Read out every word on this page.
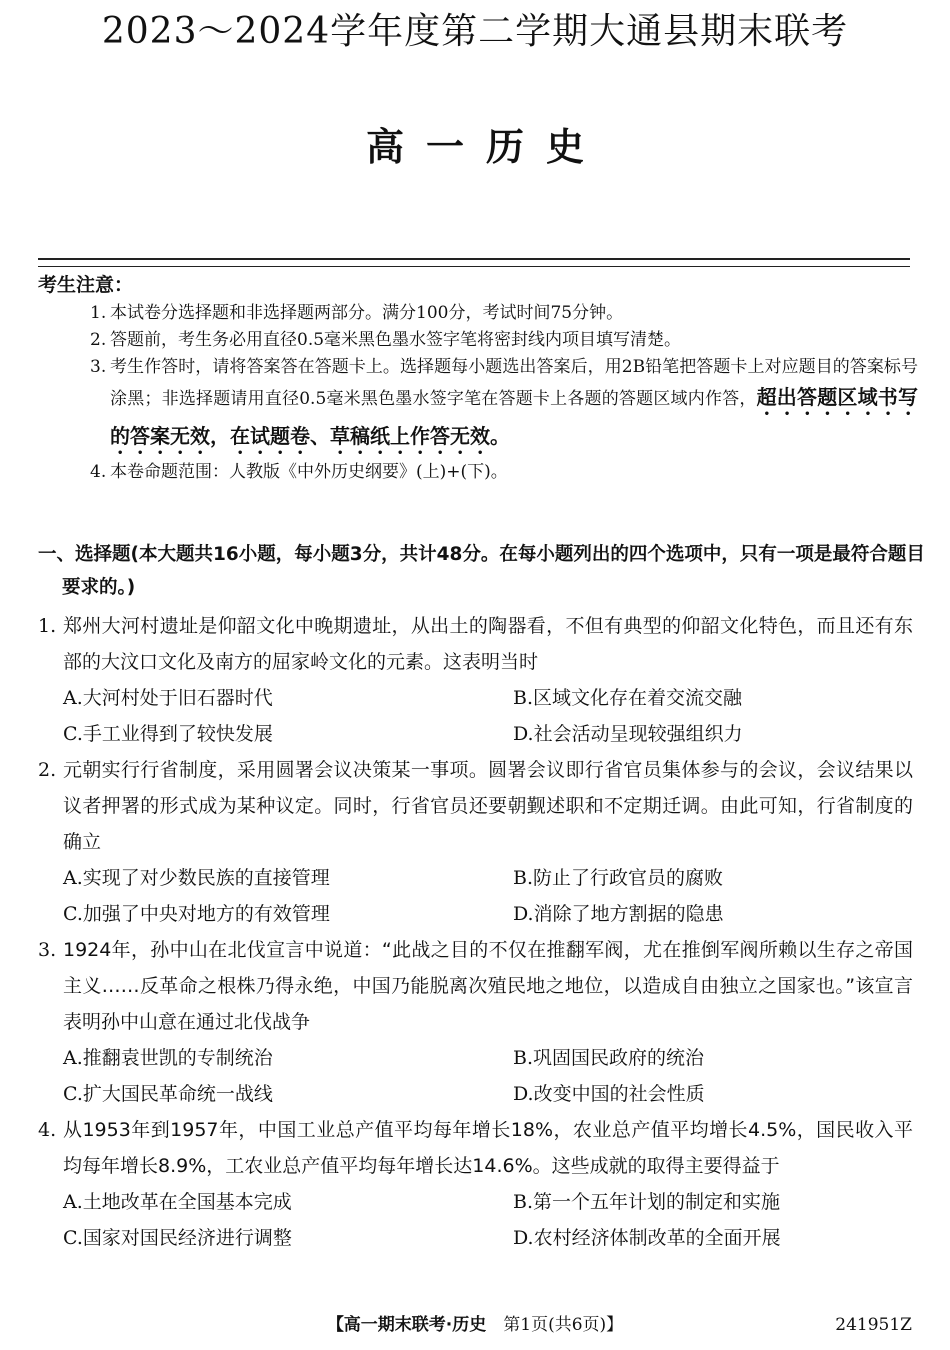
2023～2024学年度第二学期大通县期末联考
高一历史
考生注意：
1. 本试卷分选择题和非选择题两部分。满分100分，考试时间75分钟。
2. 答题前，考生务必用直径0.5毫米黑色墨水签字笔将密封线内项目填写清楚。
3. 考生作答时，请将答案答在答题卡上。选择题每小题选出答案后，用2B铅笔把答题卡上对应题目的答案标号涂黑；非选择题请用直径0.5毫米黑色墨水签字笔在答题卡上各题的答题区域内作答，超出答题区域书写的答案无效，在试题卷、草稿纸上作答无效。
4. 本卷命题范围：人教版《中外历史纲要》(上)+(下)。
一、选择题(本大题共16小题，每小题3分，共计48分。在每小题列出的四个选项中，只有一项是最符合题目要求的。)
1. 郑州大河村遗址是仰韶文化中晚期遗址，从出土的陶器看，不但有典型的仰韶文化特色，而且还有东部的大汶口文化及南方的屈家岭文化的元素。这表明当时
A.大河村处于旧石器时代	B.区域文化存在着交流交融
C.手工业得到了较快发展	D.社会活动呈现较强组织力
2. 元朝实行行省制度，采用圆署会议决策某一事项。圆署会议即行省官员集体参与的会议，会议结果以议者押署的形式成为某种议定。同时，行省官员还要朝觐述职和不定期迁调。由此可知，行省制度的确立
A.实现了对少数民族的直接管理	B.防止了行政官员的腐败
C.加强了中央对地方的有效管理	D.消除了地方割据的隐患
3. 1924年，孙中山在北伐宣言中说道：“此战之目的不仅在推翻军阀，尤在推倒军阀所赖以生存之帝国主义……反革命之根株乃得永绝，中国乃能脱离次殖民地之地位，以造成自由独立之国家也。”该宣言表明孙中山意在通过北伐战争
A.推翻袁世凯的专制统治	B.巩固国民政府的统治
C.扩大国民革命统一战线	D.改变中国的社会性质
4. 从1953年到1957年，中国工业总产值平均每年增长18%，农业总产值平均增长4.5%，国民收入平均每年增长8.9%，工农业总产值平均每年增长达14.6%。这些成就的取得主要得益于
A.土地改革在全国基本完成	B.第一个五年计划的制定和实施
C.国家对国民经济进行调整	D.农村经济体制改革的全面开展
【高一期末联考·历史　 第1页(共6页)】	241951Z
